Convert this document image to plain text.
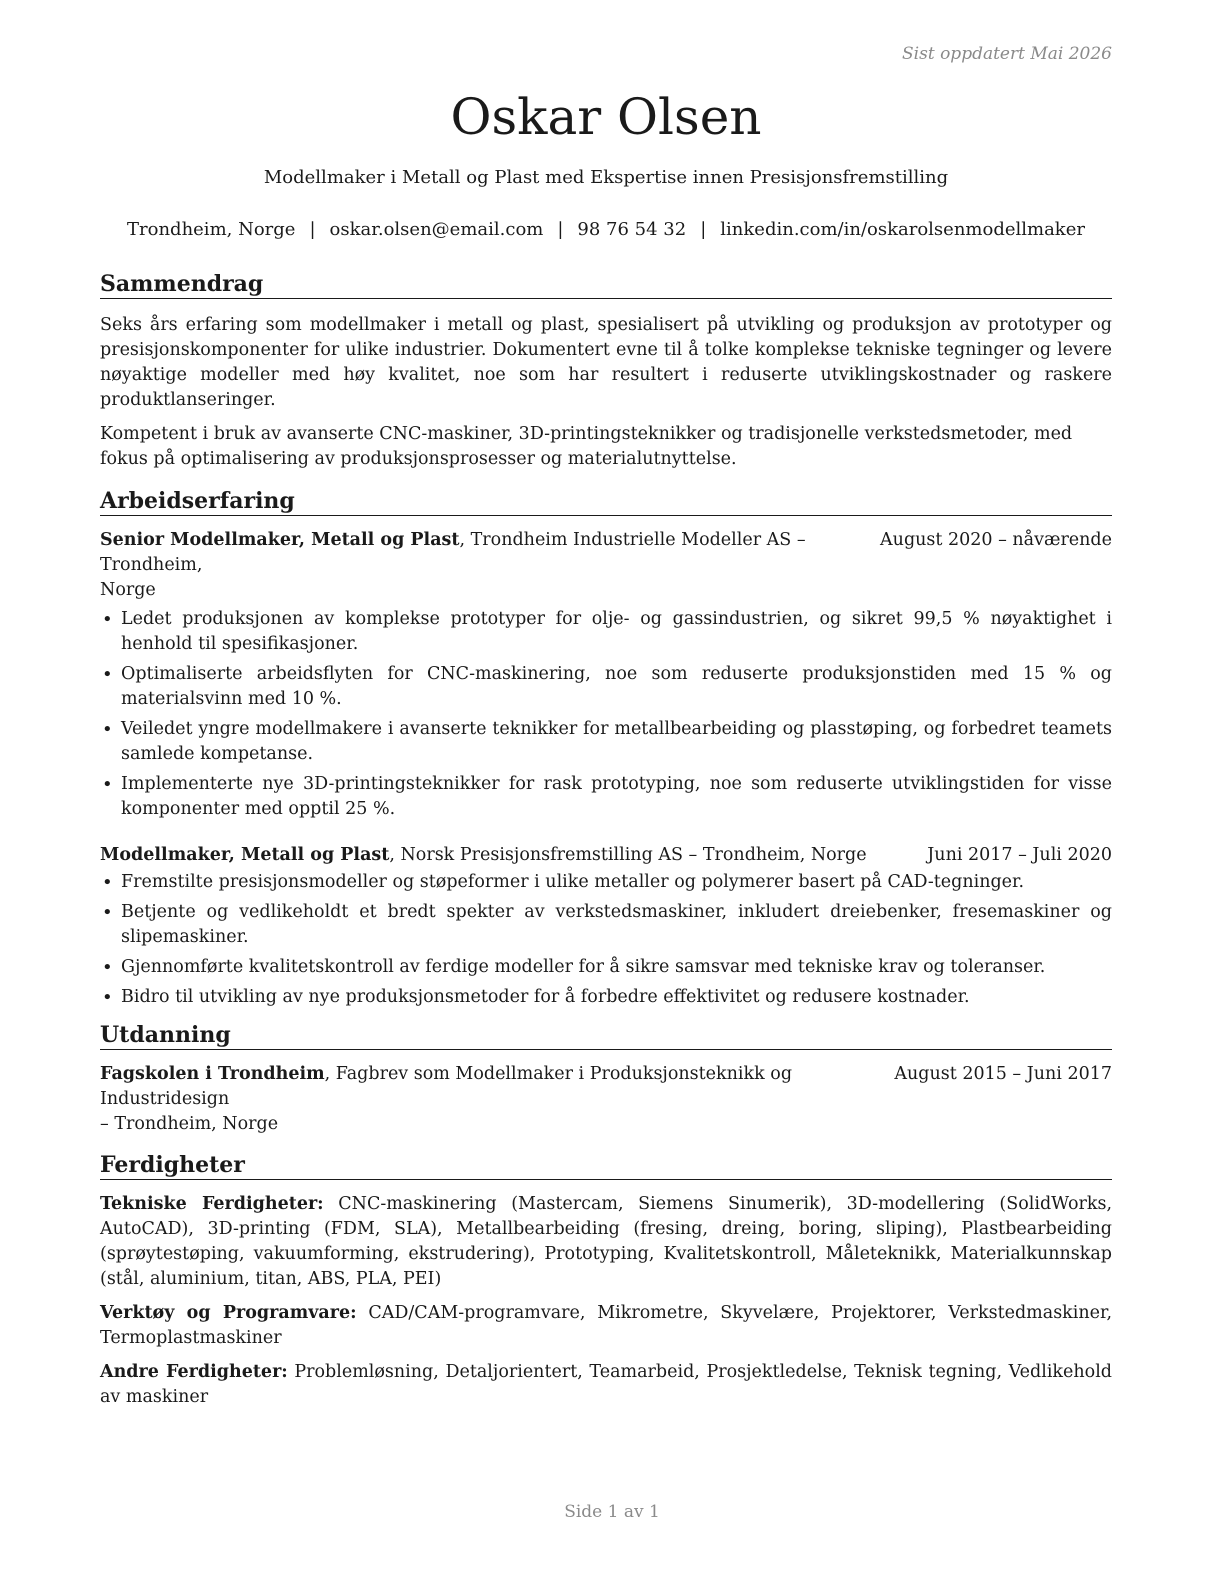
Sist oppdatert Mai 2026
Oskar Olsen
Modellmaker i Metall og Plast med Ekspertise innen Presisjonsfremstilling
Trondheim, Norge | oskar.olsen@email.com | 98 76 54 32 | linkedin.com/in/oskarolsenmodellmaker
Sammendrag

Seks års erfaring som modellmaker i metall og plast, spesialisert på utvikling og produksjon av prototyper og presisjonskomponenter for ulike industrier. Dokumentert evne til å tolke komplekse tekniske tegninger og levere nøyaktige modeller med høy kvalitet, noe som har resultert i reduserte utviklingskostnader og raskere produktlanseringer.

Kompetent i bruk av avanserte CNC-maskiner, 3D-printingsteknikker og tradisjonelle verkstedsmetoder, med fokus på optimalisering av produksjonsprosesser og materialutnyttelse.

Arbeidserfaring
Senior Modellmaker, Metall og Plast, Trondheim Industrielle Modeller AS – Trondheim,
August 2020 – nåværende
Norge
• Ledet produksjonen av komplekse prototyper for olje- og gassindustrien, og sikret 99,5 % nøyaktighet i henhold til spesifikasjoner.
• Optimaliserte arbeidsflyten for CNC-maskinering, noe som reduserte produksjonstiden med 15 % og materialsvinn med 10 %.
• Veiledet yngre modellmakere i avanserte teknikker for metallbearbeiding og plasstøping, og forbedret teamets samlede kompetanse.
• Implementerte nye 3D-printingsteknikker for rask prototyping, noe som reduserte utviklingstiden for visse komponenter med opptil 25 %.
Modellmaker, Metall og Plast, Norsk Presisjonsfremstilling AS – Trondheim, Norge	Juni 2017 – Juli 2020
• Fremstilte presisjonsmodeller og støpeformer i ulike metaller og polymerer basert på CAD-tegninger.
• Betjente og vedlikeholdt et bredt spekter av verkstedsmaskiner, inkludert dreiebenker, fresemaskiner og slipemaskiner.
• Gjennomførte kvalitetskontroll av ferdige modeller for å sikre samsvar med tekniske krav og toleranser.
• Bidro til utvikling av nye produksjonsmetoder for å forbedre effektivitet og redusere kostnader.
Utdanning
Fagskolen i Trondheim, Fagbrev som Modellmaker i Produksjonsteknikk og Industridesign
August 2015 – Juni 2017
– Trondheim, Norge
Ferdigheter

Tekniske Ferdigheter: CNC-maskinering (Mastercam, Siemens Sinumerik), 3D-modellering (SolidWorks, AutoCAD), 3D-printing (FDM, SLA), Metallbearbeiding (fresing, dreing, boring, sliping), Plastbearbeiding (sprøytestøping, vakuumforming, ekstrudering), Prototyping, Kvalitetskontroll, Måleteknikk, Materialkunnskap (stål, aluminium, titan, ABS, PLA, PEI)

Verktøy og Programvare: CAD/CAM-programvare, Mikrometre, Skyvelære, Projektorer, Verkstedmaskiner, Termoplastmaskiner

Andre Ferdigheter: Problemløsning, Detaljorientert, Teamarbeid, Prosjektledelse, Teknisk tegning, Vedlikehold av maskiner

Side 1 av 1
